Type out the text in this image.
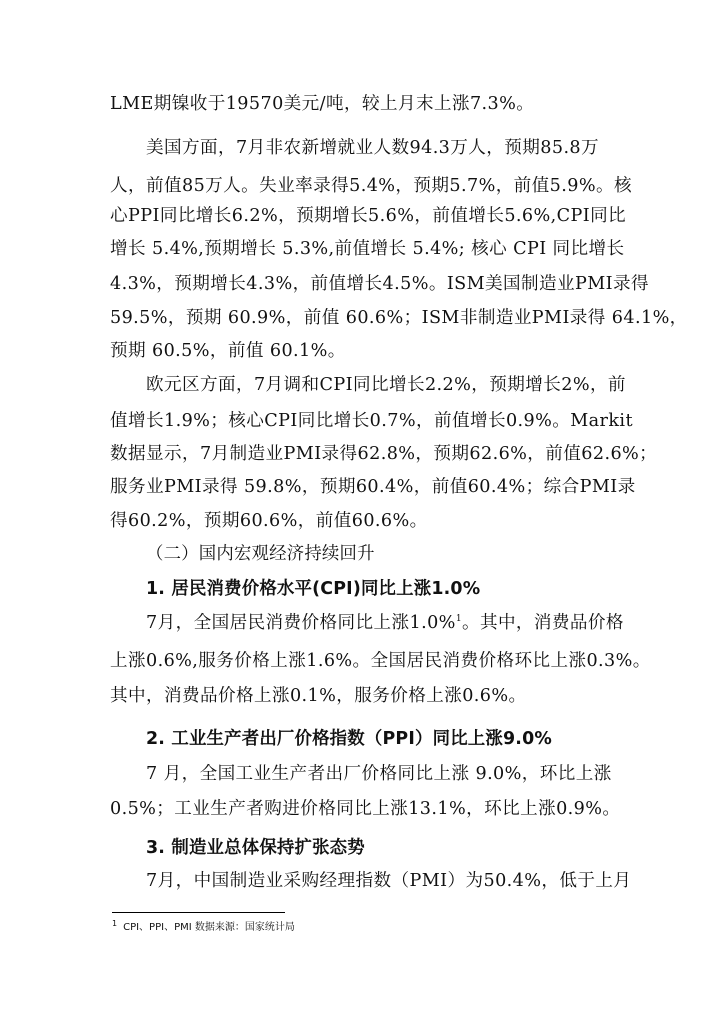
LME期镍收于19570美元/吨，较上月末上涨7.3%。
美国方面，7月非农新增就业人数94.3万人，预期85.8万
人，前值85万人。失业率录得5.4%，预期5.7%，前值5.9%。核
心PPI同比增长6.2%，预期增长5.6%，前值增长5.6%,CPI同比
增长 5.4%,预期增长 5.3%,前值增长 5.4%; 核心 CPI 同比增长
4.3%，预期增长4.3%，前值增长4.5%。ISM美国制造业PMI录得
59.5%，预期 60.9%，前值 60.6%；ISM非制造业PMI录得 64.1%，
预期 60.5%，前值 60.1%。
欧元区方面，7月调和CPI同比增长2.2%，预期增长2%，前
值增长1.9%；核心CPI同比增长0.7%，前值增长0.9%。Markit
数据显示，7月制造业PMI录得62.8%，预期62.6%，前值62.6%；
服务业PMI录得 59.8%，预期60.4%，前值60.4%；综合PMI录
得60.2%，预期60.6%，前值60.6%。
（二）国内宏观经济持续回升
1. 居民消费价格水平(CPI)同比上涨1.0%
7月，全国居民消费价格同比上涨1.0%$^1$。其中，消费品价格
上涨0.6%,服务价格上涨1.6%。全国居民消费价格环比上涨0.3%。
其中，消费品价格上涨0.1%，服务价格上涨0.6%。
2. 工业生产者出厂价格指数（PPI）同比上涨9.0%
7 月，全国工业生产者出厂价格同比上涨 9.0%，环比上涨
0.5%；工业生产者购进价格同比上涨13.1%，环比上涨0.9%。
3. 制造业总体保持扩张态势
7月，中国制造业采购经理指数（PMI）为50.4%，低于上月
$^1$ CPI、PPI、PMI 数据来源：国家统计局
